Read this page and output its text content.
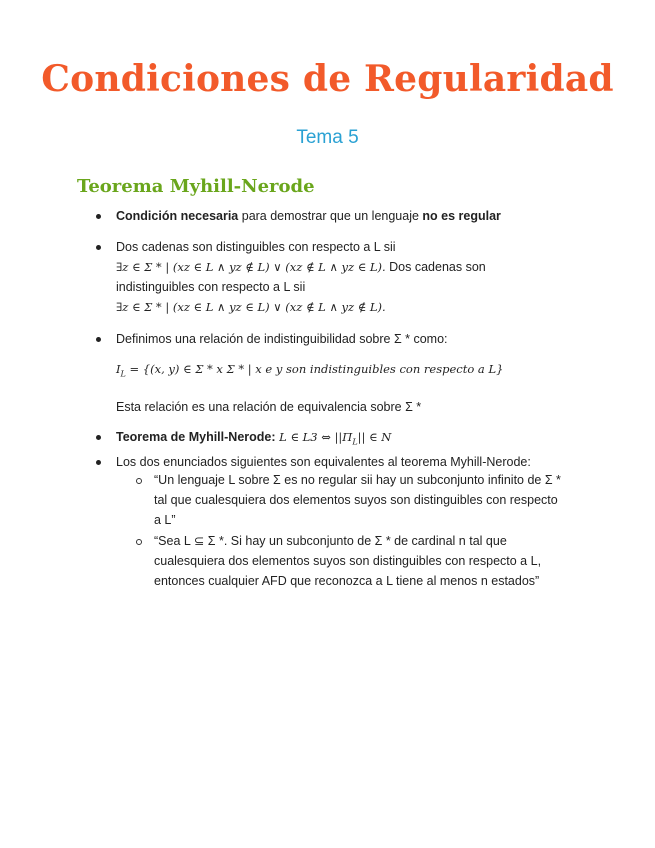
Condiciones de Regularidad
Tema 5
Teorema Myhill-Nerode
Condición necesaria para demostrar que un lenguaje no es regular
Dos cadenas son distinguibles con respecto a L sii
∃z ∈ Σ * | (xz ∈ L ∧ yz ∉ L) ∨ (xz ∉ L ∧ yz ∈ L). Dos cadenas son
indistinguibles con respecto a L sii
∃z ∈ Σ * | (xz ∈ L ∧ yz ∈ L) ∨ (xz ∉ L ∧ yz ∉ L).
Definimos una relación de indistinguibilidad sobre Σ * como:
$I_L = \{(x$, y) ∈ Σ * x Σ * | x e y son indistinguibles con respecto a L}
Esta relación es una relación de equivalencia sobre Σ *
Teorema de Myhill-Nerode: L ∈ L3 ⇔ $||\Pi_L||$ ∈ N
Los dos enunciados siguientes son equivalentes al teorema Myhill-Nerode:
“Un lenguaje L sobre Σ es no regular sii hay un subconjunto infinito de Σ *
tal que cualesquiera dos elementos suyos son distinguibles con respecto
a L”
“Sea L ⊆ Σ *. Si hay un subconjunto de Σ * de cardinal n tal que
cualesquiera dos elementos suyos son distinguibles con respecto a L,
entonces cualquier AFD que reconozca a L tiene al menos n estados”
